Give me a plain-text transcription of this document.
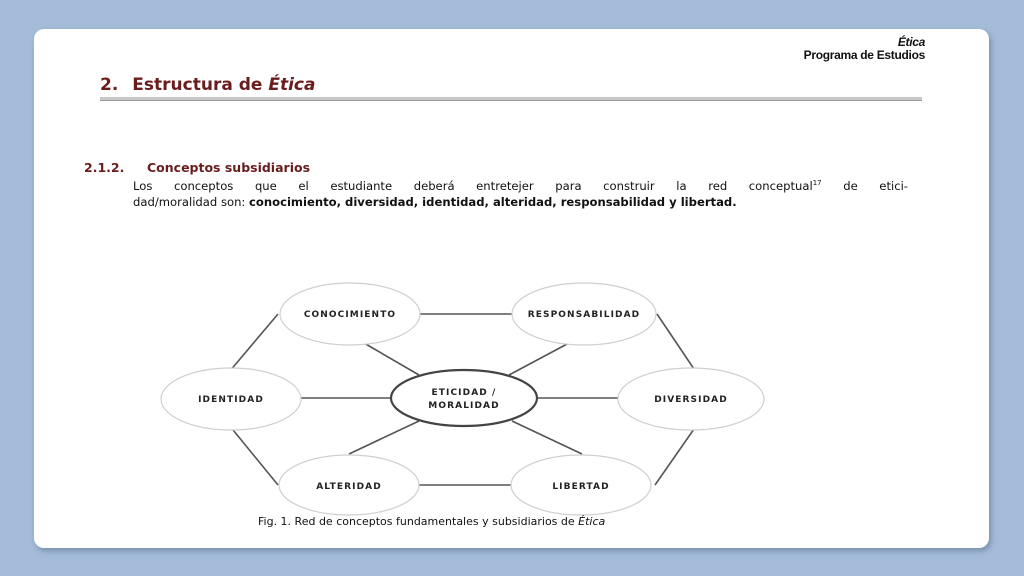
Ética
Programa de Estudios
2. Estructura de Ética
2.1.2. Conceptos subsidiarios
Los conceptos que el estudiante deberá entretejer para construir la red conceptual$^{17}$ de etici-
dad/moralidad son: conocimiento, diversidad, identidad, alteridad, responsabilidad y libertad.
CONOCIMIENTO	RESPONSABILIDAD
IDENTIDAD	DIVERSIDAD
ALTERIDAD	LIBERTAD
ETICIDAD /
MORALIDAD
Fig. 1. Red de conceptos fundamentales y subsidiarios de Ética
